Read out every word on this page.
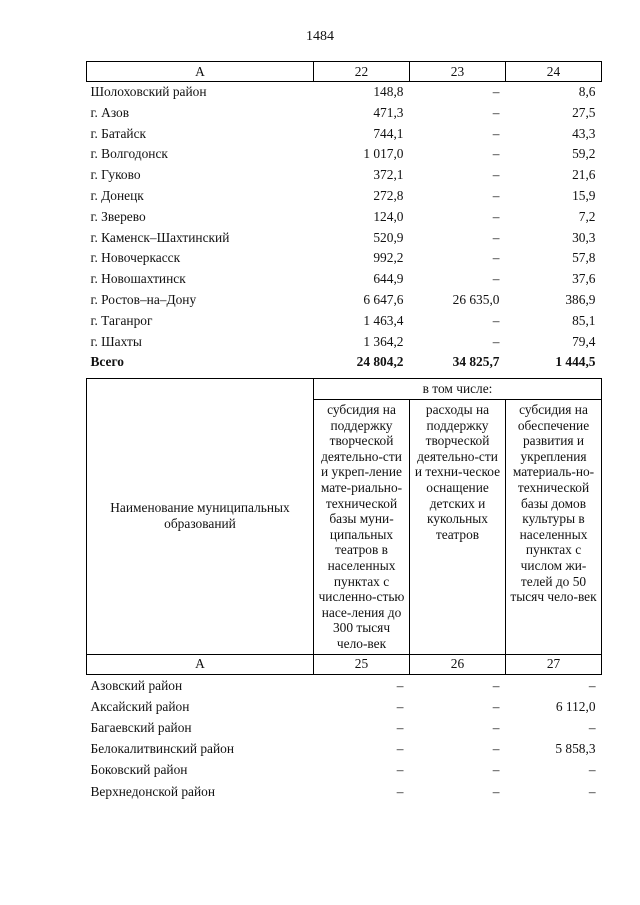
1484
А	22	23	24
Шолоховский район	148,8	–	8,6
г. Азов	471,3	–	27,5
г. Батайск	744,1	–	43,3
г. Волгодонск	1 017,0	–	59,2
г. Гуково	372,1	–	21,6
г. Донецк	272,8	–	15,9
г. Зверево	124,0	–	7,2
г. Каменск–Шахтинский	520,9	–	30,3
г. Новочеркасск	992,2	–	57,8
г. Новошахтинск	644,9	–	37,6
г. Ростов–на–Дону	6 647,6	26 635,0	386,9
г. Таганрог	1 463,4	–	85,1
г. Шахты	1 364,2	–	79,4
Всего	24 804,2	34 825,7	1 444,5
Наименование муниципальных образований	в том числе:		
	субсидия на поддержку творческой деятельно-сти и укреп-ление мате-риально-технической базы муни-ципальных театров в населенных пунктах с численно-стью насе-ления до 300 тысяч чело-век	расходы на поддержку творческой деятельно-сти и техни-ческое оснащение детских и кукольных театров	субсидия на обеспечение развития и укрепления материаль-но-технической базы домов культуры в населенных пунктах с числом жи-телей до 50 тысяч чело-век
А	25	26	27
Азовский район	–	–	–
Аксайский район	–	–	6 112,0
Багаевский район	–	–	–
Белокалитвинский район	–	–	5 858,3
Боковский район	–	–	–
Верхнедонской район	–	–	–
